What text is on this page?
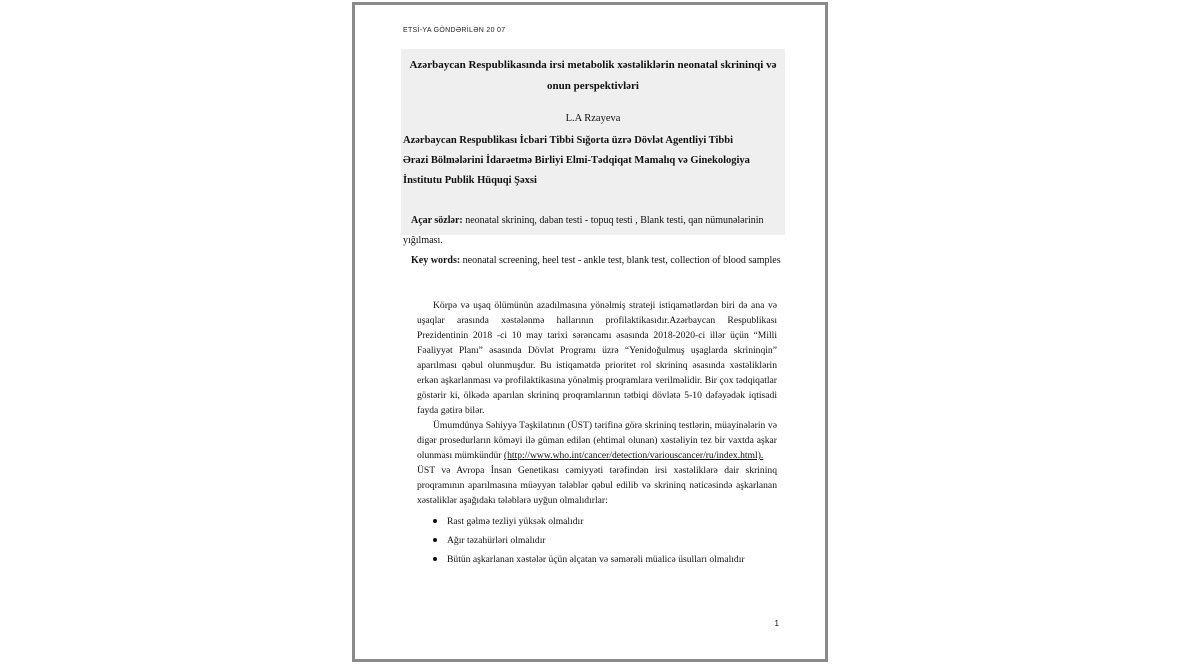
ETSİ-YA GÖNDƏRİLƏN 20 07
Azərbaycan Respublikasında irsi metabolik xəstəliklərin neonatal skrininqi və
onun perspektivləri
L.A Rzayeva
Azərbaycan Respublikası İcbari Tibbi Sığorta üzrə Dövlət Agentliyi Tibbi
Ərazi Bölmələrini İdarəetmə Birliyi Elmi-Tədqiqat Mamalıq və Ginekologiya
İnstitutu Publik Hüquqi Şəxsi
Açar sözlər: neonatal skrininq, daban testi - topuq testi , Blank testi, qan nümunələrinin yığılması.
Key words: neonatal screening, heel test - ankle test, blank test, collection of blood samples

Körpə və uşaq ölümünün azadılmasına yönəlmiş strateji istiqamətlərdən biri də ana və uşaqlar arasında xəstələnmə hallarının profilaktikasıdır.Azərbaycan Respublikası Prezidentinin 2018 -ci 10 may tarixi sərəncamı əsasında 2018-2020-ci illər üçün “Milli Fəaliyyət Planı” əsasında Dövlət Programı üzrə “Yenidoğulmuş uşaglarda skrininqin” aparılması qəbul olunmuşdur. Bu istiqamətdə prioritet rol skrininq əsasında xəstəliklərin erkən aşkarlanması və profilaktikasına yönəlmiş proqramlara verilməlidir. Bir çox tədqiqatlar göstərir ki, ölkədə aparılan skrininq proqramlarının tətbiqi dövlətə 5-10 dəfəyədək iqtisadi fayda gətirə bilər.

Ümumdünya Səhiyyə Təşkilatının (ÜST) tərifinə görə skrininq testlərin, müayinələrin və digər prosedurların köməyi ilə güman edilən (ehtimal olunan) xəstəliyin tez bir vaxtda aşkar olunması mümkündür (http://www.who.int/cancer/detection/variouscancer/ru/index.html).

ÜST və Avropa İnsan Genetikası cəmiyyəti tərəfindən irsi xəstəliklərə dair skrininq proqramının aparılmasına müəyyən tələblər qəbul edilib və skrininq nəticəsində aşkarlanan xəstəliklər aşağıdakı tələblərə uyğun olmalıdırlar:

Rast gəlmə tezliyi yüksək olmalıdır
Ağır təzahürləri olmalıdır
Bütün aşkarlanan xəstələr üçün əlçatan və səmərəli müalicə üsulları olmalıdır
1
